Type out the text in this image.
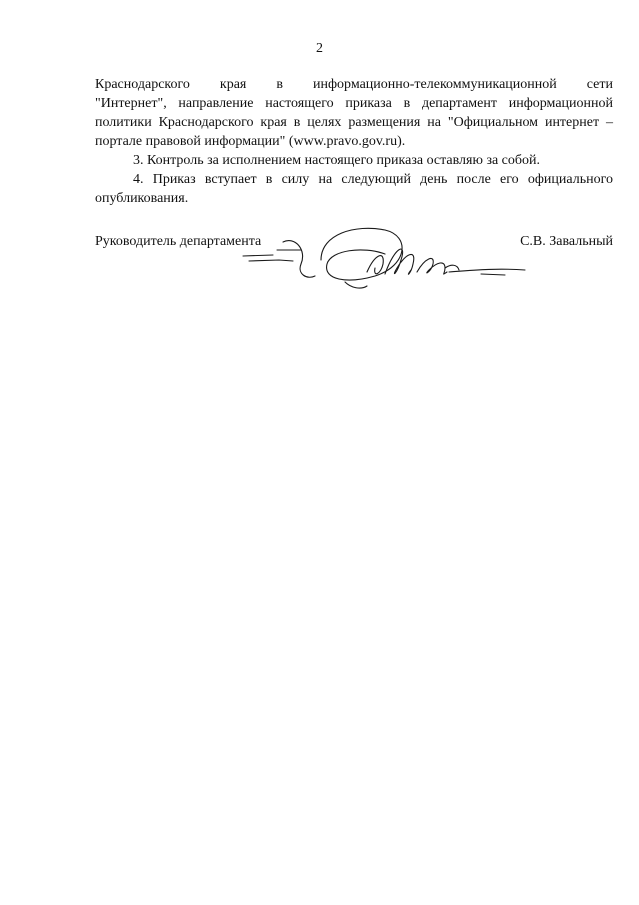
2

Краснодарского края в информационно-телекоммуникационной сети
"Интернет", направление настоящего приказа в департамент информационной политики Краснодарского края в целях размещения на "Официальном интернет – портале правовой информации" (www.pravo.gov.ru).

3. Контроль за исполнением настоящего приказа оставляю за собой.

4. Приказ вступает в силу на следующий день после его официального опубликования.

Руководитель департамента	С.В. Завальный
